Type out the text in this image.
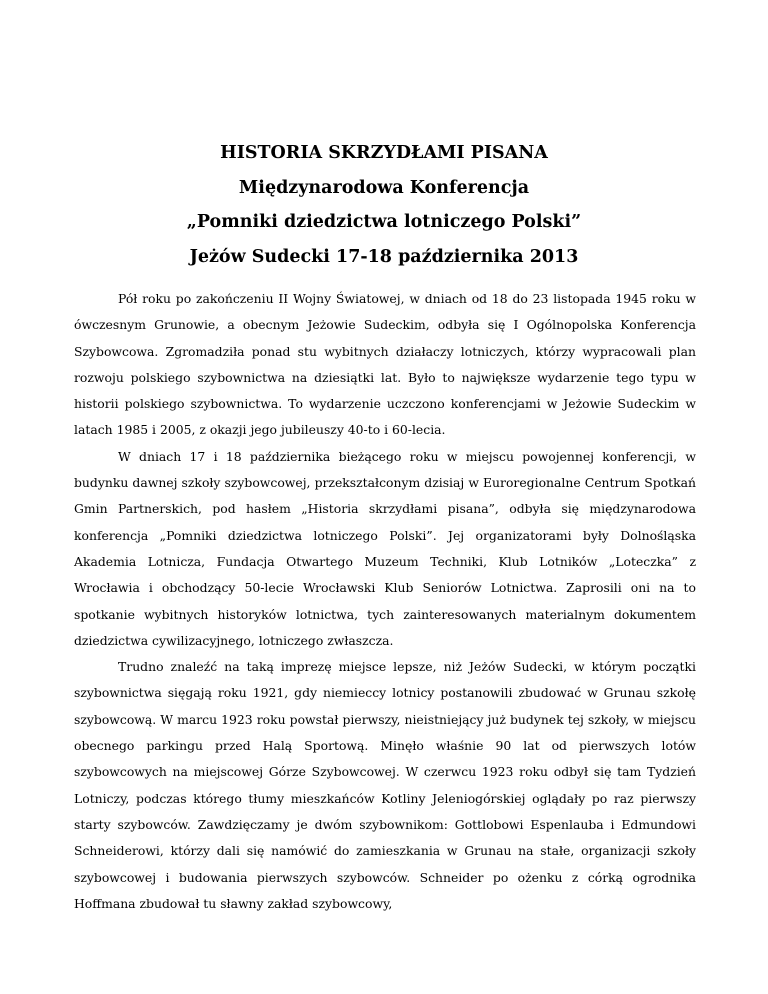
HISTORIA SKRZYDŁAMI PISANA

Międzynarodowa Konferencja

„Pomniki dziedzictwa lotniczego Polski”

Jeżów Sudecki 17-18 października 2013

Pół roku po zakończeniu II Wojny Światowej, w dniach od 18 do 23 listopada 1945 roku w ówczesnym Grunowie, a obecnym Jeżowie Sudeckim, odbyła się I Ogólnopolska Konferencja Szybowcowa. Zgromadziła ponad stu wybitnych działaczy lotniczych, którzy wypracowali plan rozwoju polskiego szybownictwa na dziesiątki lat. Było to największe wydarzenie tego typu w historii polskiego szybownictwa. To wydarzenie uczczono konferencjami w Jeżowie Sudeckim w latach 1985 i 2005, z okazji jego jubileuszy 40-to i 60-lecia.

W dniach 17 i 18 października bieżącego roku w miejscu powojennej konferencji, w budynku dawnej szkoły szybowcowej, przekształconym dzisiaj w Euroregionalne Centrum Spotkań Gmin Partnerskich, pod hasłem „Historia skrzydłami pisana”, odbyła się międzynarodowa konferencja „Pomniki dziedzictwa lotniczego Polski”. Jej organizatorami były Dolnośląska Akademia Lotnicza, Fundacja Otwartego Muzeum Techniki, Klub Lotników „Loteczka” z Wrocławia i obchodzący 50-lecie Wrocławski Klub Seniorów Lotnictwa. Zaprosili oni na to spotkanie wybitnych historyków lotnictwa, tych zainteresowanych materialnym dokumentem dziedzictwa cywilizacyjnego, lotniczego zwłaszcza.

Trudno znaleźć na taką imprezę miejsce lepsze, niż Jeżów Sudecki, w którym początki szybownictwa sięgają roku 1921, gdy niemieccy lotnicy postanowili zbudować w Grunau szkołę szybowcową. W marcu 1923 roku powstał pierwszy, nieistniejący już budynek tej szkoły, w miejscu obecnego parkingu przed Halą Sportową. Minęło właśnie 90 lat od pierwszych lotów szybowcowych na miejscowej Górze Szybowcowej. W czerwcu 1923 roku odbył się tam Tydzień Lotniczy, podczas którego tłumy mieszkańców Kotliny Jeleniogórskiej oglądały po raz pierwszy starty szybowców. Zawdzięczamy je dwóm szybownikom: Gottlobowi Espenlauba i Edmundowi Schneiderowi, którzy dali się namówić do zamieszkania w Grunau na stałe, organizacji szkoły szybowcowej i budowania pierwszych szybowców. Schneider po ożenku z córką ogrodnika Hoffmana zbudował tu sławny zakład szybowcowy,
